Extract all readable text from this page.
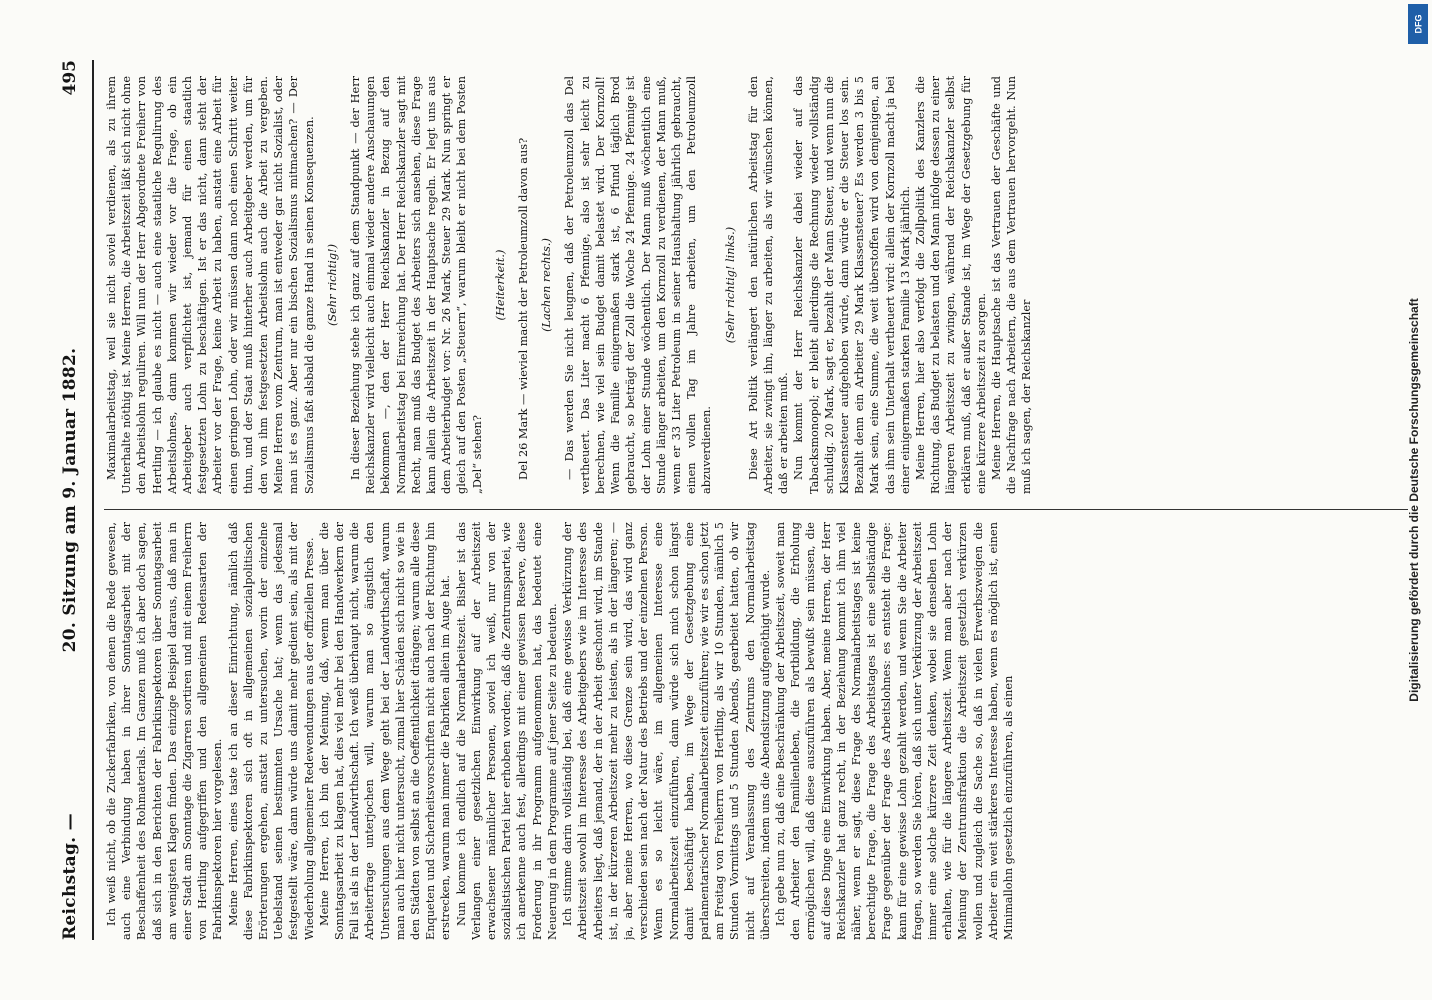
Reichstag. —
20. Sitzung am 9. Januar 1882.
495

Ich weiß nicht, ob die Zuckerfabriken, von denen die Rede gewesen, auch eine Verbindung haben in ihrer Sonntagsarbeit mit der Beschaffenheit des Rohmaterials. Im Ganzen muß ich aber doch sagen, daß sich in den Berichten der Fabrikinspektoren über Sonntagsarbeit am wenigsten Klagen finden. Das einzige Beispiel daraus, daß man in einer Stadt am Sonntage die Zigarren sortiren und mit einem Freiherrn von Hertling aufgegriffen und den allgemeinen Redensarten der Fabrikinspektoren hier vorgelesen. Meine Herren, eines taste ich an dieser Einrichtung, nämlich daß diese Fabrikinspektoren sich oft in allgemeinen sozialpolitischen Erörterungen ergehen, anstatt zu untersuchen, worin der einzelne Uebelstand seinen bestimmten Ursache hat; wenn das jedesmal festgestellt wäre, dann würde uns damit mehr gedient sein, als mit der Wiederholung allgemeiner Redewendungen aus der offiziellen Presse. Meine Herren, ich bin der Meinung, daß, wenn man über die Sonntagsarbeit zu klagen hat, dies viel mehr bei den Handwerkern der Fall ist als in der Landwirthschaft. Ich weiß überhaupt nicht, warum die Arbeiterfrage unterjochen will, warum man so ängstlich den Untersuchungen aus dem Wege geht bei der Landwirthschaft, warum man auch hier nicht untersucht, zumal hier Schäden sich nicht so wie in den Städten von selbst an die Oeffentlichkeit drängen; warum alle diese Enqueten und Sicherheitsvorschriften nicht auch nach der Richtung hin erstrecken, warum man immer die Fabriken allein im Auge hat. Nun komme ich endlich auf die Normalarbeitszeit. Bisher ist das Verlangen einer gesetzlichen Einwirkung auf der Arbeitszeit erwachsener männlicher Personen, soviel ich weiß, nur von der sozialistischen Partei hier erhoben worden; daß die Zentrumspartei, wie ich anerkenne auch fest, allerdings mit einer gewissen Reserve, diese Forderung in ihr Programm aufgenommen hat, das bedeutet eine Neuerung in dem Programme auf jener Seite zu bedeuten. Ich stimme darin vollständig bei, daß eine gewisse Verkürzung der Arbeitszeit sowohl im Interesse des Arbeitgebers wie im Interesse des Arbeiters liegt, daß jemand, der in der Arbeit geschont wird, im Stande ist, in der kürzeren Arbeitszeit mehr zu leisten, als in der längeren; — ja, aber meine Herren, wo diese Grenze sein wird, das wird ganz verschieden sein nach der Natur des Betriebs und der einzelnen Person. Wenn es so leicht wäre, im allgemeinen Interesse eine Normalarbeitszeit einzuführen, dann würde sich mich schon längst damit beschäftigt haben, im Wege der Gesetzgebung eine parlamentarischer Normalarbeitszeit einzuführen; wie wir es schon jetzt am Freitag von Freiherrn von Hertling, als wir 10 Stunden, nämlich 5 Stunden Vormittags und 5 Stunden Abends, gearbeitet hatten, ob wir nicht auf Veranlassung des Zentrums den Normalarbeitstag überschreiten, indem uns die Abendsitzung aufgenöthigt wurde. Ich gebe nun zu, daß eine Beschränkung der Arbeitszeit, soweit man den Arbeiter den Familienleben, die Fortbildung, die Erholung ermöglichen will, daß diese auszuführen als bewußt sein müssen, die auf diese Dinge eine Einwirkung haben. Aber, meine Herren, der Herr Reichskanzler hat ganz recht, in der Beziehung kommt ich ihm viel näher, wenn er sagt, diese Frage des Normalarbeitstages ist keine berechtigte Frage, die Frage des Arbeitstages ist eine selbständige Frage gegenüber der Frage des Arbeitslohnes: es entsteht die Frage: kann für eine gewisse Lohn gezahlt werden, und wenn Sie die Arbeiter fragen, so werden Sie hören, daß sich unter Verkürzung der Arbeitszeit immer eine solche kürzere Zeit denken, wobei sie denselben Lohn erhalten, wie für die längere Arbeitszeit. Wenn man aber nach der Meinung der Zentrumsfraktion die Arbeitszeit gesetzlich verkürzen wollen und zugleich die Sache so, daß in vielen Erwerbszweigen die Arbeiter ein weit stärkeres Interesse haben, wenn es möglich ist, einen Minimallohn gesetzlich einzuführen, als einen

Maximalarbeitstag, weil sie nicht soviel verdienen, als zu ihrem Unterhalte nöthig ist. Meine Herren, die Arbeitszeit läßt sich nicht ohne den Arbeitslohn reguliren. Will nun der Herr Abgeordnete Freiherr von Hertling — ich glaube es nicht — auch eine staatliche Regulirung des Arbeitslohnes, dann kommen wir wieder vor die Frage, ob ein Arbeitgeber auch verpflichtet ist, jemand für einen staatlich festgesetzten Lohn zu beschäftigen. Ist er das nicht, dann steht der Arbeiter vor der Frage, keine Arbeit zu haben, anstatt eine Arbeit für einen geringen Lohn, oder wir müssen dann noch einen Schritt weiter thun, und der Staat muß hinterher auch Arbeitgeber werden, um für den von ihm festgesetzten Arbeitslohn auch die Arbeit zu vergeben. Meine Herren vom Zentrum, man ist entweder gar nicht Sozialist, oder man ist es ganz. Aber nur ein bischen Sozialismus mitmachen? — Der Sozialismus faßt alsbald die ganze Hand in seinen Konsequenzen. (Sehr richtig!) In dieser Beziehung stehe ich ganz auf dem Standpunkt — der Herr Reichskanzler wird vielleicht auch einmal wieder andere Anschauungen bekommen —, den der Herr Reichskanzler in Bezug auf den Normalarbeitstag bei Einreichung hat. Der Herr Reichskanzler sagt mit Recht, man muß das Budget des Arbeiters sich ansehen, diese Frage kann allein die Arbeitszeit in der Hauptsache regeln. Er legt uns aus dem Arbeiterbudget vor: Nr. 26 Mark, Steuer 29 Mark. Nun springt er gleich auf den Posten „Steuern“, warum bleibt er nicht bei dem Posten „Del“ stehen?

(Heiterkeit.) Del 26 Mark — wieviel macht der Petroleumzoll davon aus? (Lachen rechts.) — Das werden Sie nicht leugnen, daß der Petroleumzoll das Del vertheuert. Das Liter macht 6 Pfennige, also ist sehr leicht zu berechnen, wie viel sein Budget damit belastet wird. Der Kornzoll! Wenn die Familie einigermaßen stark ist, 6 Pfund täglich Brod gebraucht, so beträgt der Zoll die Woche 24 Pfennige. 24 Pfennige ist der Lohn einer Stunde wöchentlich. Der Mann muß wöchentlich eine Stunde länger arbeiten, um den Kornzoll zu verdienen, der Mann muß, wenn er 33 Liter Petroleum in seiner Haushaltung jährlich gebraucht, einen vollen Tag im Jahre arbeiten, um den Petroleumzoll abzuverdienen.

(Sehr richtig! links.) Diese Art Politik verlängert den natürlichen Arbeitstag für den Arbeiter, sie zwingt ihn, länger zu arbeiten, als wir wünschen können, daß er arbeiten muß. Nun kommt der Herr Reichskanzler dabei wieder auf das Tabacksmonopol; er bleibt allerdings die Rechnung wieder vollständig schuldig. 20 Mark, sagt er, bezahlt der Mann Steuer, und wenn nun die Klassensteuer aufgehoben würde, dann würde er die Steuer los sein. Bezahlt denn ein Arbeiter 29 Mark Klassensteuer? Es werden 3 bis 5 Mark sein, eine Summe, die weit überstoffen wird von demjenigen, an das ihm sein Unterhalt vertheuert wird: allein der Kornzoll macht ja bei einer einigermaßen starken Familie 13 Mark jährlich. Meine Herren, hier also verfolgt die Zollpolitik des Kanzlers die Richtung, das Budget zu belasten und den Mann infolge dessen zu einer längeren Arbeitszeit zu zwingen, während der Reichskanzler selbst erklären muß, daß er außer Stande ist, im Wege der Gesetzgebung für eine kürzere Arbeitszeit zu sorgen. Meine Herren, die Hauptsache ist das Vertrauen der Geschäfte und die Nachfrage nach Arbeitern, die aus dem Vertrauen hervorgeht. Nun muß ich sagen, der Reichskanzler	Digitalisierung gefördert durch die Deutsche Forschungsgemeinschaft
DFG
